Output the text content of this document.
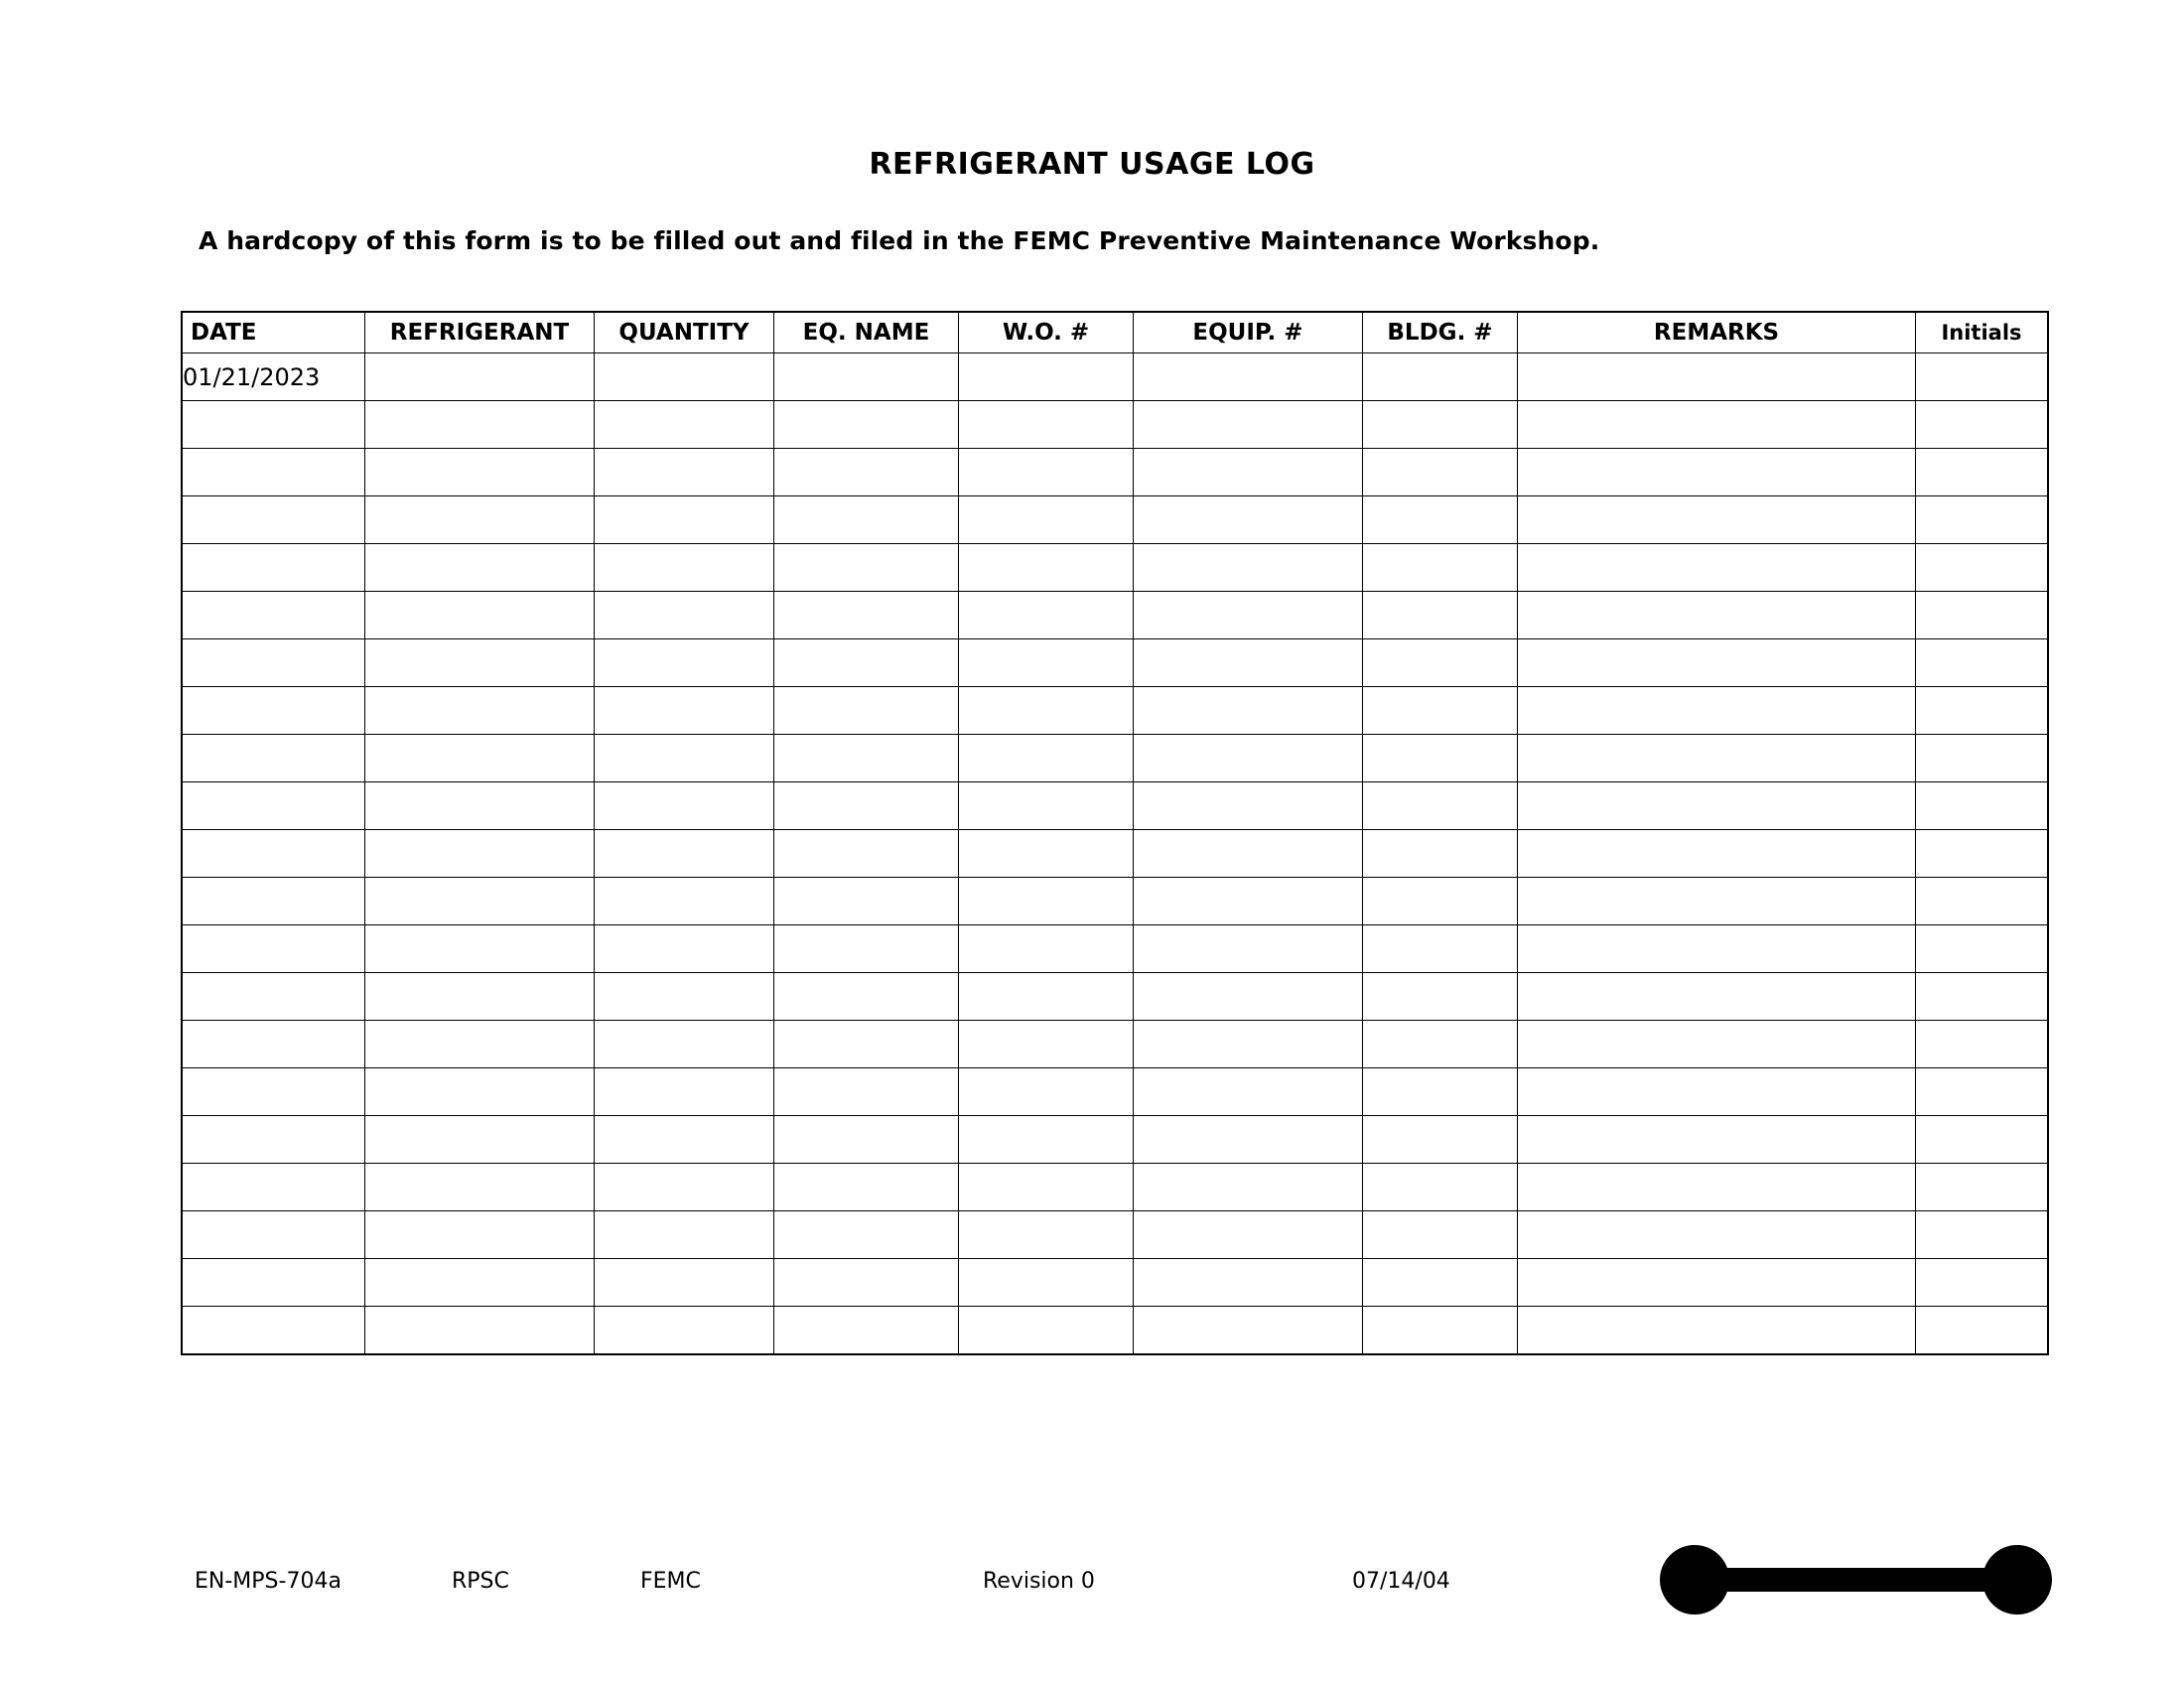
REFRIGERANT USAGE LOG
A hardcopy of this form is to be filled out and filed in the FEMC Preventive Maintenance Workshop.
DATE	REFRIGERANT	QUANTITY	EQ. NAME	W.O. #	EQUIP. #	BLDG. #	REMARKS	Initials
01/21/2023								

EN-MPS-704a	RPSC	FEMC	Revision 0	07/14/04
